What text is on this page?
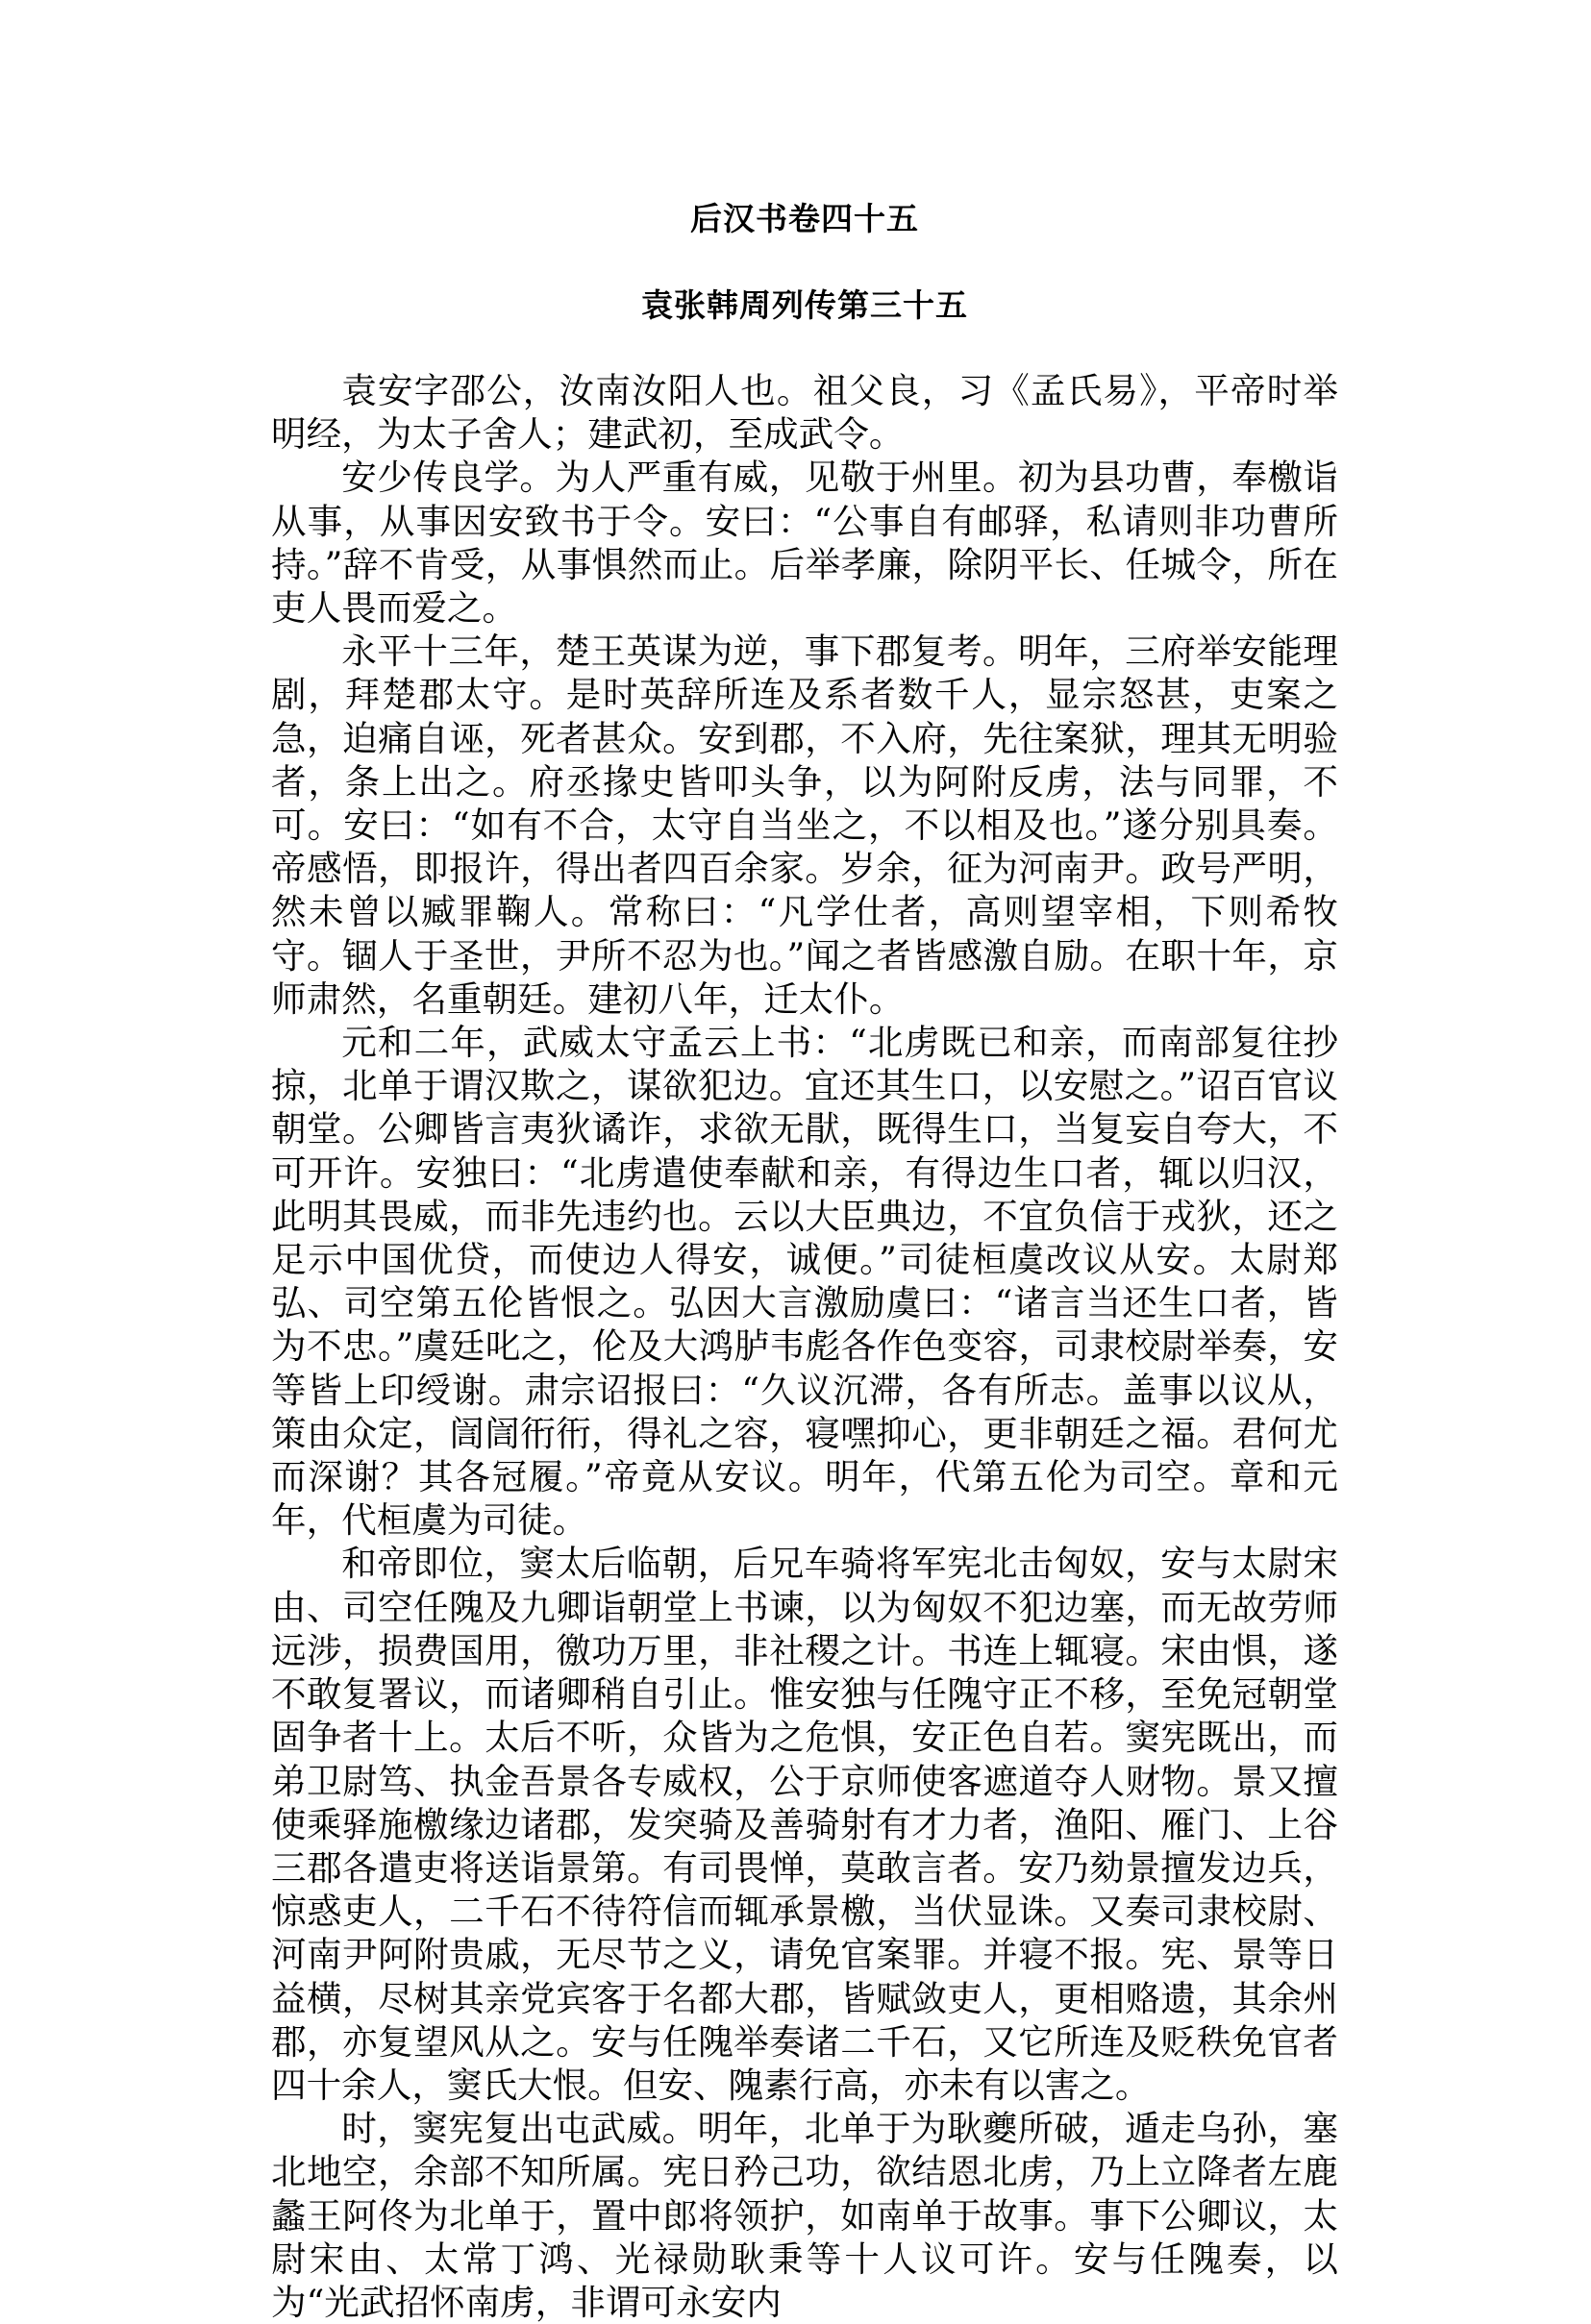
后汉书卷四十五
袁张韩周列传第三十五

袁安字邵公，汝南汝阳人也。祖父良，习《孟氏易》，平帝时举明经，为太子舍人；建武初，至成武令。

安少传良学。为人严重有威，见敬于州里。初为县功曹，奉檄诣从事，从事因安致书于令。安曰：“公事自有邮驿，私请则非功曹所持。”辞不肯受，从事惧然而止。后举孝廉，除阴平长、任城令，所在吏人畏而爱之。

永平十三年，楚王英谋为逆，事下郡复考。明年，三府举安能理剧，拜楚郡太守。是时英辞所连及系者数千人，显宗怒甚，吏案之急，迫痛自诬，死者甚众。安到郡，不入府，先往案狱，理其无明验者，条上出之。府丞掾史皆叩头争，以为阿附反虏，法与同罪，不可。安曰：“如有不合，太守自当坐之，不以相及也。”遂分别具奏。帝感悟，即报许，得出者四百余家。岁余，征为河南尹。政号严明，然未曾以臧罪鞠人。常称曰：“凡学仕者，高则望宰相，下则希牧守。锢人于圣世，尹所不忍为也。”闻之者皆感激自励。在职十年，京师肃然，名重朝廷。建初八年，迁太仆。

元和二年，武威太守孟云上书：“北虏既已和亲，而南部复往抄掠，北单于谓汉欺之，谋欲犯边。宜还其生口，以安慰之。”诏百官议朝堂。公卿皆言夷狄谲诈，求欲无猒，既得生口，当复妄自夸大，不可开许。安独曰：“北虏遣使奉献和亲，有得边生口者，辄以归汉，此明其畏威，而非先违约也。云以大臣典边，不宜负信于戎狄，还之足示中国优贷，而使边人得安，诚便。”司徒桓虞改议从安。太尉郑弘、司空第五伦皆恨之。弘因大言激励虞曰：“诸言当还生口者，皆为不忠。”虞廷叱之，伦及大鸿胪韦彪各作色变容，司隶校尉举奏，安等皆上印绶谢。肃宗诏报曰：“久议沉滞，各有所志。盖事以议从，策由众定，訚訚衎衎，得礼之容，寝嘿抑心，更非朝廷之福。君何尤而深谢？其各冠履。”帝竟从安议。明年，代第五伦为司空。章和元年，代桓虞为司徒。

和帝即位，窦太后临朝，后兄车骑将军宪北击匈奴，安与太尉宋由、司空任隗及九卿诣朝堂上书谏，以为匈奴不犯边塞，而无故劳师远涉，损费国用，徼功万里，非社稷之计。书连上辄寝。宋由惧，遂不敢复署议，而诸卿稍自引止。惟安独与任隗守正不移，至免冠朝堂固争者十上。太后不听，众皆为之危惧，安正色自若。窦宪既出，而弟卫尉笃、执金吾景各专威权，公于京师使客遮道夺人财物。景又擅使乘驿施檄缘边诸郡，发突骑及善骑射有才力者，渔阳、雁门、上谷三郡各遣吏将送诣景第。有司畏惮，莫敢言者。安乃劾景擅发边兵，惊惑吏人，二千石不待符信而辄承景檄，当伏显诛。又奏司隶校尉、河南尹阿附贵戚，无尽节之义，请免官案罪。并寝不报。宪、景等日益横，尽树其亲党宾客于名都大郡，皆赋敛吏人，更相赂遗，其余州郡，亦复望风从之。安与任隗举奏诸二千石，又它所连及贬秩免官者四十余人，窦氏大恨。但安、隗素行高，亦未有以害之。

时，窦宪复出屯武威。明年，北单于为耿夔所破，遁走乌孙，塞北地空，余部不知所属。宪日矜己功，欲结恩北虏，乃上立降者左鹿蠡王阿佟为北单于，置中郎将领护，如南单于故事。事下公卿议，太尉宋由、太常丁鸿、光禄勋耿秉等十人议可许。安与任隗奏，以为“光武招怀南虏，非谓可永安内
